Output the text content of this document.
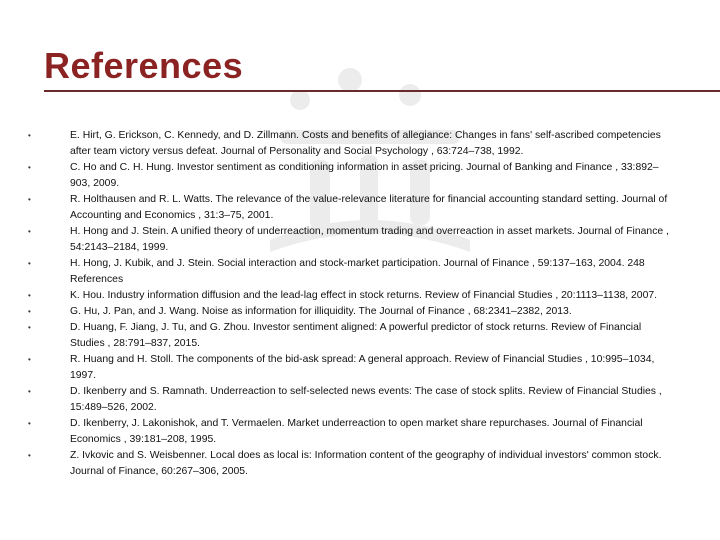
References
•	E. Hirt, G. Erickson, C. Kennedy, and D. Zillmann. Costs and benefits of allegiance: Changes in fans' self-ascribed competencies after team victory versus defeat. Journal of Personality and Social Psychology , 63:724–738, 1992.
•	C. Ho and C. H. Hung. Investor sentiment as conditioning information in asset pricing. Journal of Banking and Finance , 33:892–903, 2009.
•	R. Holthausen and R. L. Watts. The relevance of the value-relevance literature for financial accounting standard setting. Journal of Accounting and Economics , 31:3–75, 2001.
•	H. Hong and J. Stein. A unified theory of underreaction, momentum trading and overreaction in asset markets. Journal of Finance , 54:2143–2184, 1999.
•	H. Hong, J. Kubik, and J. Stein. Social interaction and stock-market participation. Journal of Finance , 59:137–163, 2004. 248 References
•	K. Hou. Industry information diffusion and the lead-lag effect in stock returns. Review of Financial Studies , 20:1113–1138, 2007.
•	G. Hu, J. Pan, and J. Wang. Noise as information for illiquidity. The Journal of Finance , 68:2341–2382, 2013.
•	D. Huang, F. Jiang, J. Tu, and G. Zhou. Investor sentiment aligned: A powerful predictor of stock returns. Review of Financial Studies , 28:791–837, 2015.
•	R. Huang and H. Stoll. The components of the bid-ask spread: A general approach. Review of Financial Studies , 10:995–1034, 1997.
•	D. Ikenberry and S. Ramnath. Underreaction to self-selected news events: The case of stock splits. Review of Financial Studies , 15:489–526, 2002.
•	D. Ikenberry, J. Lakonishok, and T. Vermaelen. Market underreaction to open market share repurchases. Journal of Financial Economics , 39:181–208, 1995.
•	Z. Ivkovic and S. Weisbenner. Local does as local is: Information content of the geography of individual investors' common stock. Journal of Finance, 60:267–306, 2005.
